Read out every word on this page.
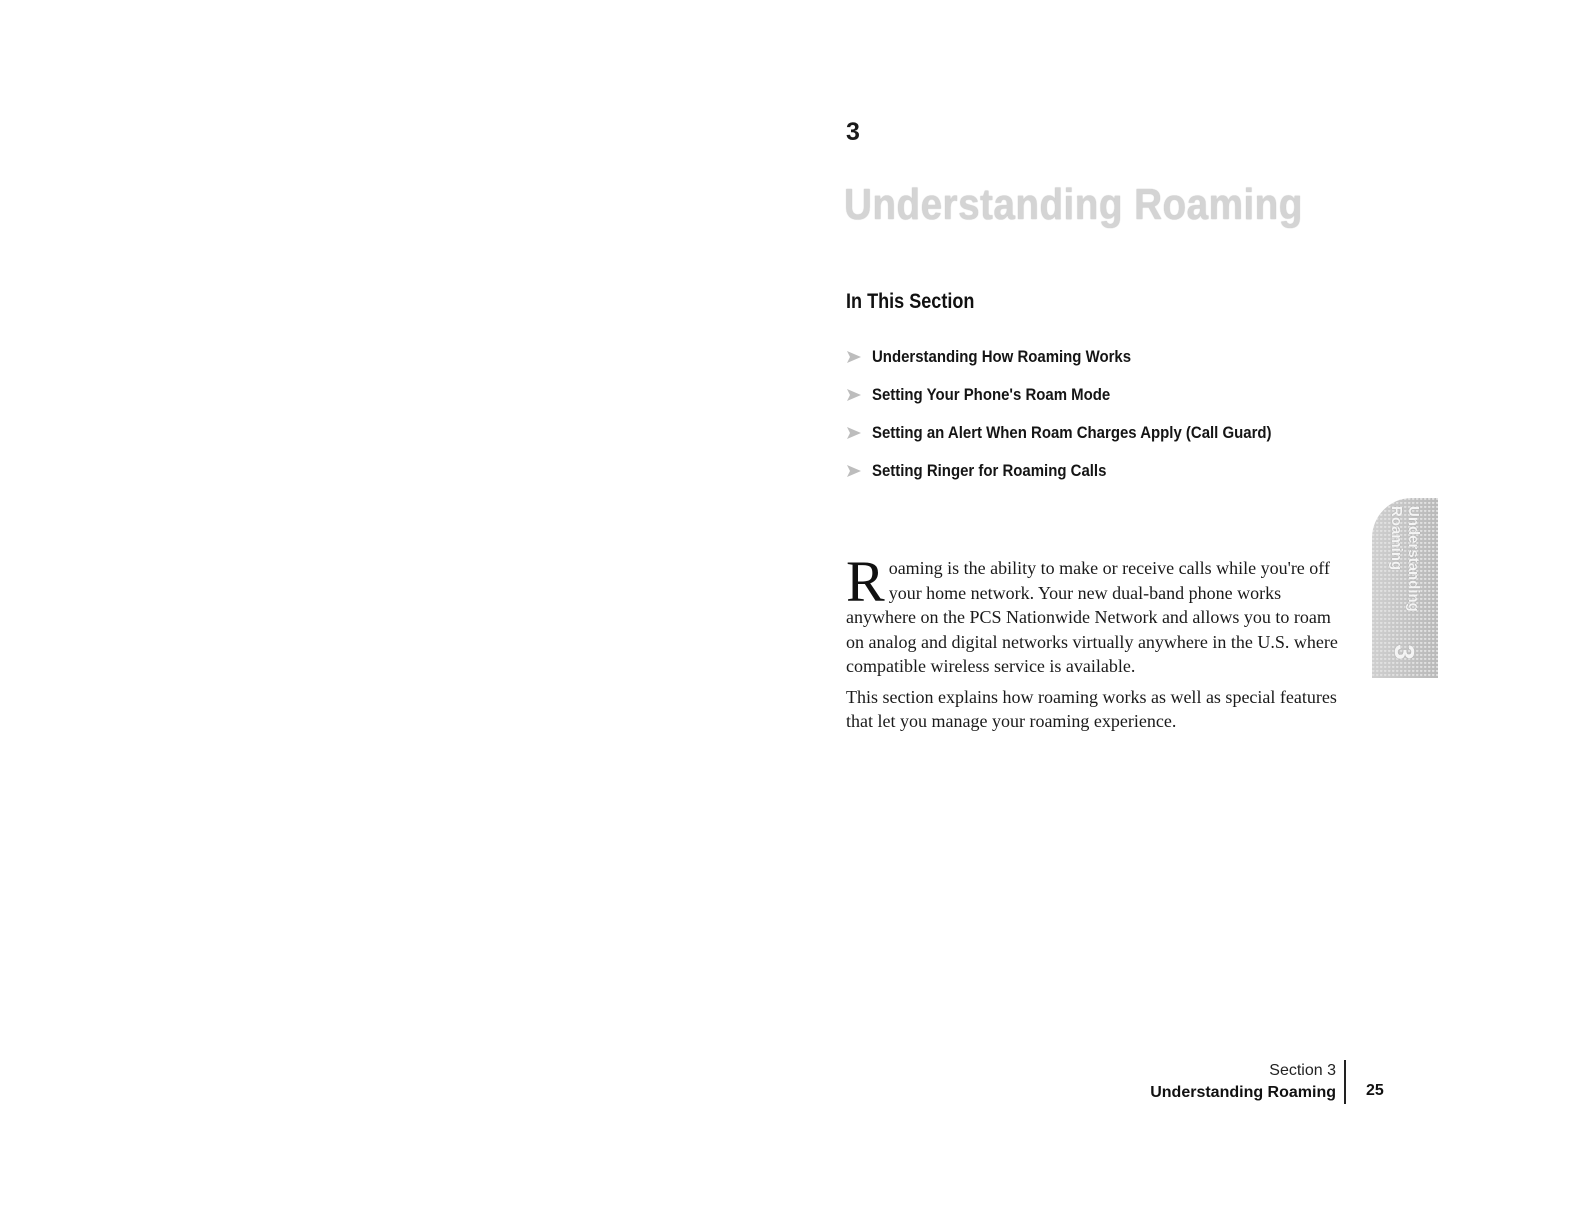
3
Understanding Roaming
In This Section
Understanding How Roaming Works
Setting Your Phone's Roam Mode
Setting an Alert When Roam Charges Apply (Call Guard)
Setting Ringer for Roaming Calls

Roaming is the ability to make or receive calls while you're off your home network. Your new dual-band phone works anywhere on the PCS Nationwide Network and allows you to roam on analog and digital networks virtually anywhere in the U.S. where compatible wireless service is available.

This section explains how roaming works as well as special features that let you manage your roaming experience.

Understanding Roaming
3
Section 3
Understanding Roaming 25
